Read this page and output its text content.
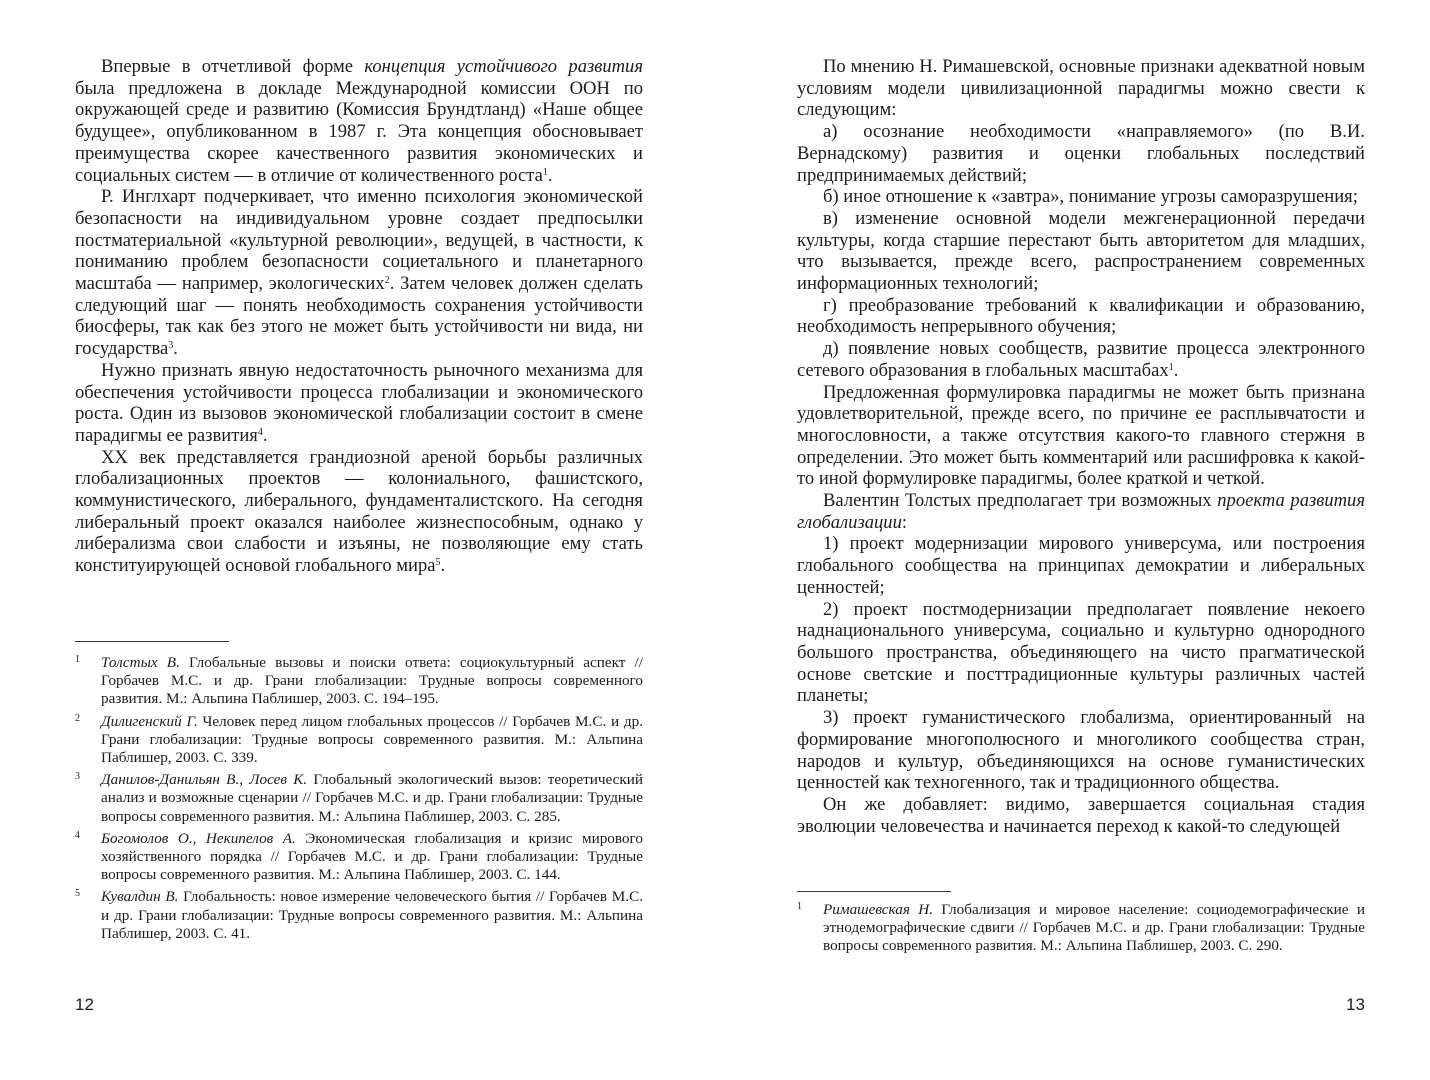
Впервые в отчетливой форме концепция устойчивого развития была предложена в докладе Международной комиссии ООН по окружающей среде и развитию (Комиссия Брундтланд) «Наше общее будущее», опубликованном в 1987 г. Эта концепция обосновывает преимущества скорее качественного развития экономических и социальных систем — в отличие от количественного роста$^1$.

Р. Инглхарт подчеркивает, что именно психология экономической безопасности на индивидуальном уровне создает предпосылки постматериальной «культурной революции», ведущей, в частности, к пониманию проблем безопасности социетального и планетарного масштаба — например, экологических$^2$. Затем человек должен сделать следующий шаг — понять необходимость сохранения устойчивости биосферы, так как без этого не может быть устойчивости ни вида, ни государства$^3$.

Нужно признать явную недостаточность рыночного механизма для обеспечения устойчивости процесса глобализации и экономического роста. Один из вызовов экономической глобализации состоит в смене парадигмы ее развития$^4$.

XX век представляется грандиозной ареной борьбы различных глобализационных проектов — колониального, фашистского, коммунистического, либерального, фундаменталистского. На сегодня либеральный проект оказался наиболее жизнеспособным, однако у либерализма свои слабости и изъяны, не позволяющие ему стать конституирующей основой глобального мира$^5$.

1 Толстых В. Глобальные вызовы и поиски ответа: социокультурный аспект // Горбачев М.С. и др. Грани глобализации: Трудные вопросы современного развития. М.: Альпина Паблишер, 2003. С. 194–195.

2 Дилигенский Г. Человек перед лицом глобальных процессов // Горбачев М.С. и др. Грани глобализации: Трудные вопросы современного развития. М.: Альпина Паблишер, 2003. С. 339.

3 Данилов-Данильян В., Лосев К. Глобальный экологический вызов: теоретический анализ и возможные сценарии // Горбачев М.С. и др. Грани глобализации: Трудные вопросы современного развития. М.: Альпина Паблишер, 2003. С. 285.

4 Богомолов О., Некипелов А. Экономическая глобализация и кризис мирового хозяйственного порядка // Горбачев М.С. и др. Грани глобализации: Трудные вопросы современного развития. М.: Альпина Паблишер, 2003. С. 144.

5 Кувалдин В. Глобальность: новое измерение человеческого бытия // Горбачев М.С. и др. Грани глобализации: Трудные вопросы современного развития. М.: Альпина Паблишер, 2003. С. 41.

12

По мнению Н. Римашевской, основные признаки адекватной новым условиям модели цивилизационной парадигмы можно свести к следующим:

а) осознание необходимости «направляемого» (по В.И. Вернадскому) развития и оценки глобальных последствий предпринимаемых действий;

б) иное отношение к «завтра», понимание угрозы саморазрушения;

в) изменение основной модели межгенерационной передачи культуры, когда старшие перестают быть авторитетом для младших, что вызывается, прежде всего, распространением современных информационных технологий;

г) преобразование требований к квалификации и образованию, необходимость непрерывного обучения;

д) появление новых сообществ, развитие процесса электронного сетевого образования в глобальных масштабах$^1$.

Предложенная формулировка парадигмы не может быть признана удовлетворительной, прежде всего, по причине ее расплывчатости и многословности, а также отсутствия какого-то главного стержня в определении. Это может быть комментарий или расшифровка к какой-то иной формулировке парадигмы, более краткой и четкой.

Валентин Толстых предполагает три возможных проекта развития глобализации:

1) проект модернизации мирового универсума, или построения глобального сообщества на принципах демократии и либеральных ценностей;

2) проект постмодернизации предполагает появление некоего наднационального универсума, социально и культурно однородного большого пространства, объединяющего на чисто прагматической основе светские и посттрадиционные культуры различных частей планеты;

3) проект гуманистического глобализма, ориентированный на формирование многополюсного и многоликого сообщества стран, народов и культур, объединяющихся на основе гуманистических ценностей как техногенного, так и традиционного общества.

Он же добавляет: видимо, завершается социальная стадия эволюции человечества и начинается переход к какой-то следующей

1 Римашевская Н. Глобализация и мировое население: социодемографические и этнодемографические сдвиги // Горбачев М.С. и др. Грани глобализации: Трудные вопросы современного развития. М.: Альпина Паблишер, 2003. С. 290.

13
